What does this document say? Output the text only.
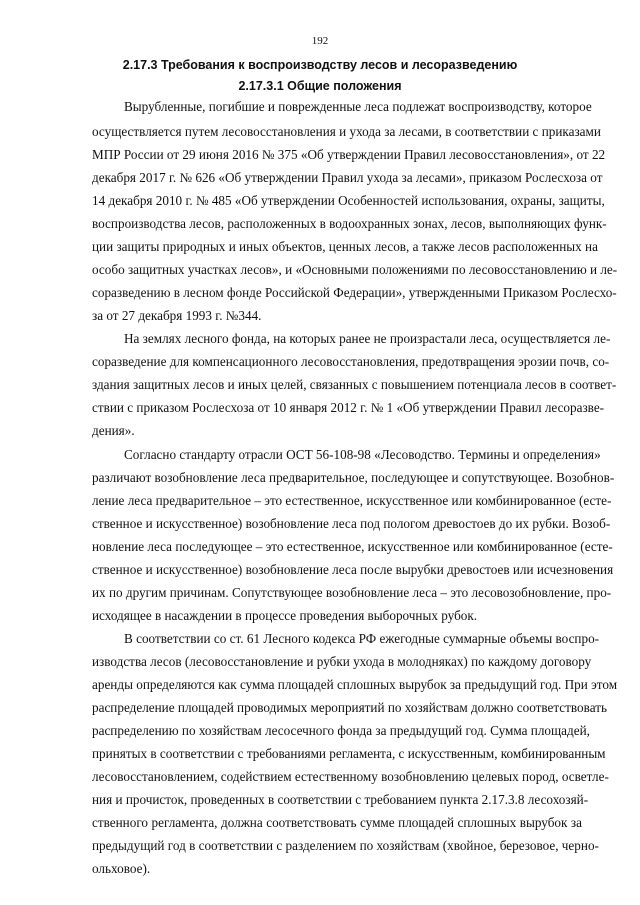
192
2.17.3 Требования к воспроизводству лесов и лесоразведению
2.17.3.1 Общие положения
Вырубленные, погибшие и поврежденные леса подлежат воспроизводству, которое
осуществляется путем лесовосстановления и ухода за лесами, в соответствии с приказами
МПР России от 29 июня 2016 № 375 «Об утверждении Правил лесовосстановления», от 22
декабря 2017 г. № 626 «Об утверждении Правил ухода за лесами», приказом Рослесхоза от
14 декабря 2010 г. № 485 «Об утверждении Особенностей использования, охраны, защиты,
воспроизводства лесов, расположенных в водоохранных зонах, лесов, выполняющих функ-
ции защиты природных и иных объектов, ценных лесов, а также лесов расположенных на
особо защитных участках лесов», и «Основными положениями по лесовосстановлению и ле-
соразведению в лесном фонде Российской Федерации», утвержденными Приказом Рослесхо-
за от 27 декабря 1993 г. №344.
На землях лесного фонда, на которых ранее не произрастали леса, осуществляется ле-
соразведение для компенсационного лесовосстановления, предотвращения эрозии почв, со-
здания защитных лесов и иных целей, связанных с повышением потенциала лесов в соответ-
ствии с приказом Рослесхоза от 10 января 2012 г. № 1 «Об утверждении Правил лесоразве-
дения».
Согласно стандарту отрасли ОСТ 56-108-98 «Лесоводство. Термины и определения»
различают возобновление леса предварительное, последующее и сопутствующее. Возобнов-
ление леса предварительное – это естественное, искусственное или комбинированное (есте-
ственное и искусственное) возобновление леса под пологом древостоев до их рубки. Возоб-
новление леса последующее – это естественное, искусственное или комбинированное (есте-
ственное и искусственное) возобновление леса после вырубки древостоев или исчезновения
их по другим причинам. Сопутствующее возобновление леса – это лесовозобновление, про-
исходящее в насаждении в процессе проведения выборочных рубок.
В соответствии со ст. 61 Лесного кодекса РФ ежегодные суммарные объемы воспро-
изводства лесов (лесовосстановление и рубки ухода в молодняках) по каждому договору
аренды определяются как сумма площадей сплошных вырубок за предыдущий год. При этом
распределение площадей проводимых мероприятий по хозяйствам должно соответствовать
распределению по хозяйствам лесосечного фонда за предыдущий год. Сумма площадей,
принятых в соответствии с требованиями регламента, с искусственным, комбинированным
лесовосстановлением, содействием естественному возобновлению целевых пород, осветле-
ния и прочисток, проведенных в соответствии с требованием пункта 2.17.3.8 лесохозяй-
ственного регламента, должна соответствовать сумме площадей сплошных вырубок за
предыдущий год в соответствии с разделением по хозяйствам (хвойное, березовое, черно-
ольховое).
